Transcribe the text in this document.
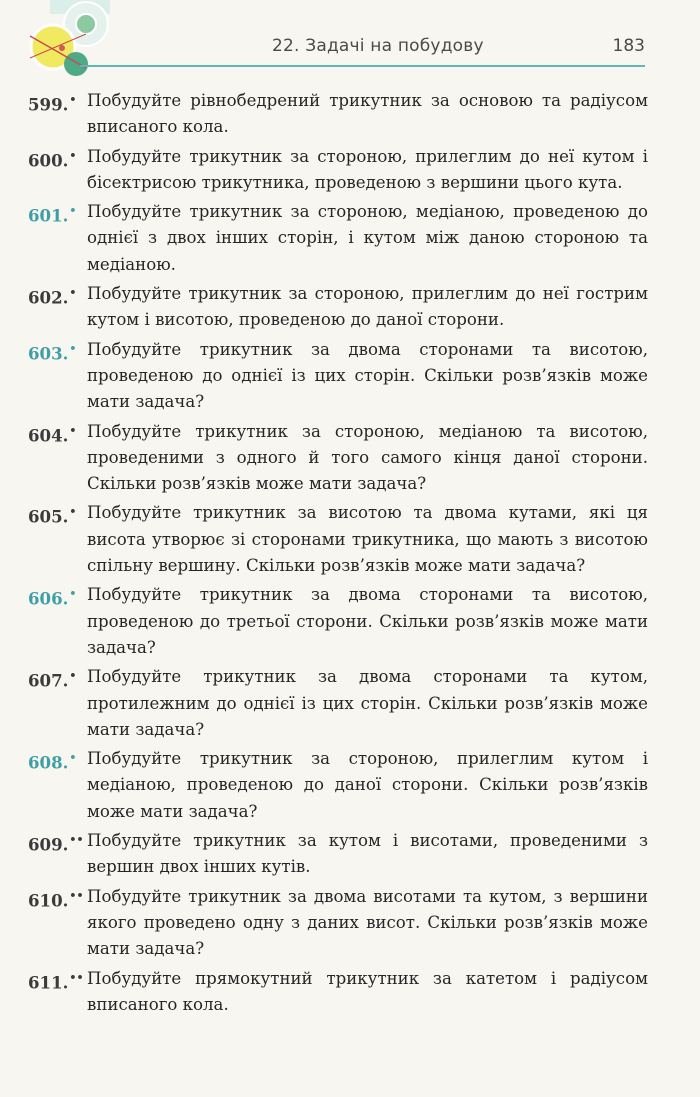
22. Задачі на побудову	183
599.• Побудуйте рівнобедрений трикутник за основою та радіусом вписаного кола.
600.• Побудуйте трикутник за стороною, прилеглим до неї кутом і бісектрисою трикутника, проведеною з вершини цього кута.
601.• Побудуйте трикутник за стороною, медіаною, проведеною до однієї з двох інших сторін, і кутом між даною стороною та медіаною.
602.• Побудуйте трикутник за стороною, прилеглим до неї гострим кутом і висотою, проведеною до даної сторони.
603.• Побудуйте трикутник за двома сторонами та висотою, проведеною до однієї із цих сторін. Скільки розв’язків може мати задача?
604.• Побудуйте трикутник за стороною, медіаною та висотою, проведеними з одного й того самого кінця даної сторони. Скільки розв’язків може мати задача?
605.• Побудуйте трикутник за висотою та двома кутами, які ця висота утворює зі сторонами трикутника, що мають з висотою спільну вершину. Скільки розв’язків може мати задача?
606.• Побудуйте трикутник за двома сторонами та висотою, проведеною до третьої сторони. Скільки розв’язків може мати задача?
607.• Побудуйте трикутник за двома сторонами та кутом, протилежним до однієї із цих сторін. Скільки розв’язків може мати задача?
608.• Побудуйте трикутник за стороною, прилеглим кутом і медіаною, проведеною до даної сторони. Скільки розв’язків може мати задача?
609.•• Побудуйте трикутник за кутом і висотами, проведеними з вершин двох інших кутів.
610.•• Побудуйте трикутник за двома висотами та кутом, з вершини якого проведено одну з даних висот. Скільки розв’язків може мати задача?
611.•• Побудуйте прямокутний трикутник за катетом і радіусом вписаного кола.
